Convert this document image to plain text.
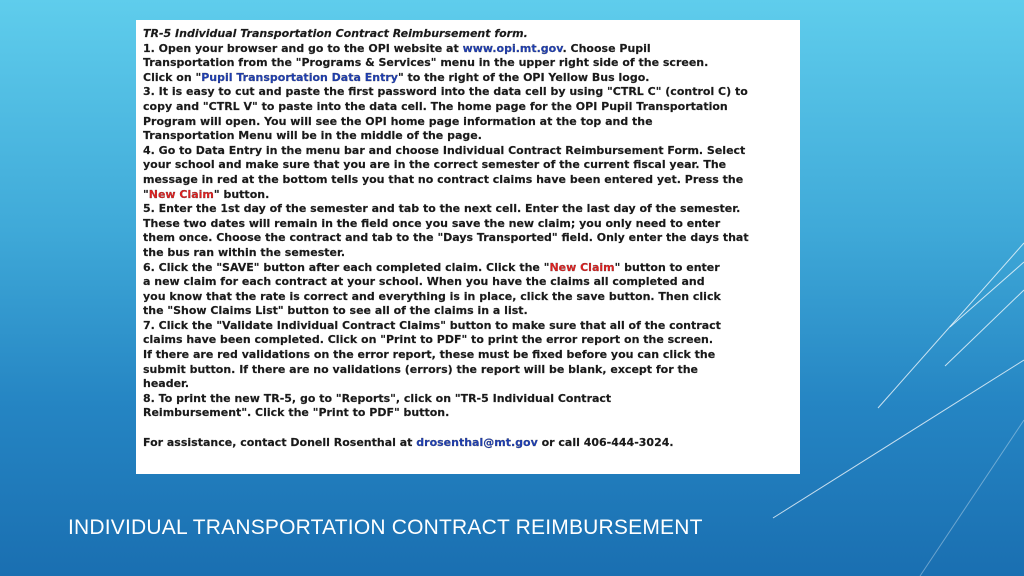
TR-5 Individual Transportation Contract Reimbursement form.
1. Open your browser and go to the OPI website at www.opi.mt.gov. Choose Pupil
Transportation from the "Programs & Services" menu in the upper right side of the screen.
Click on "Pupil Transportation Data Entry" to the right of the OPI Yellow Bus logo.
3. It is easy to cut and paste the first password into the data cell by using "CTRL C" (control C) to
copy and "CTRL V" to paste into the data cell. The home page for the OPI Pupil Transportation
Program will open. You will see the OPI home page information at the top and the
Transportation Menu will be in the middle of the page.
4. Go to Data Entry in the menu bar and choose Individual Contract Reimbursement Form. Select
your school and make sure that you are in the correct semester of the current fiscal year. The
message in red at the bottom tells you that no contract claims have been entered yet. Press the
"New Claim" button.
5. Enter the 1st day of the semester and tab to the next cell. Enter the last day of the semester.
These two dates will remain in the field once you save the new claim; you only need to enter
them once. Choose the contract and tab to the "Days Transported" field. Only enter the days that
the bus ran within the semester.
6. Click the "SAVE" button after each completed claim. Click the "New Claim" button to enter
a new claim for each contract at your school. When you have the claims all completed and
you know that the rate is correct and everything is in place, click the save button. Then click
the "Show Claims List" button to see all of the claims in a list.
7. Click the "Validate Individual Contract Claims" button to make sure that all of the contract
claims have been completed. Click on "Print to PDF" to print the error report on the screen.
If there are red validations on the error report, these must be fixed before you can click the
submit button. If there are no validations (errors) the report will be blank, except for the
header.
8. To print the new TR-5, go to "Reports", click on "TR-5 Individual Contract
Reimbursement". Click the "Print to PDF" button.
For assistance, contact Donell Rosenthal at drosenthal@mt.gov or call 406-444-3024.
INDIVIDUAL TRANSPORTATION CONTRACT REIMBURSEMENT
